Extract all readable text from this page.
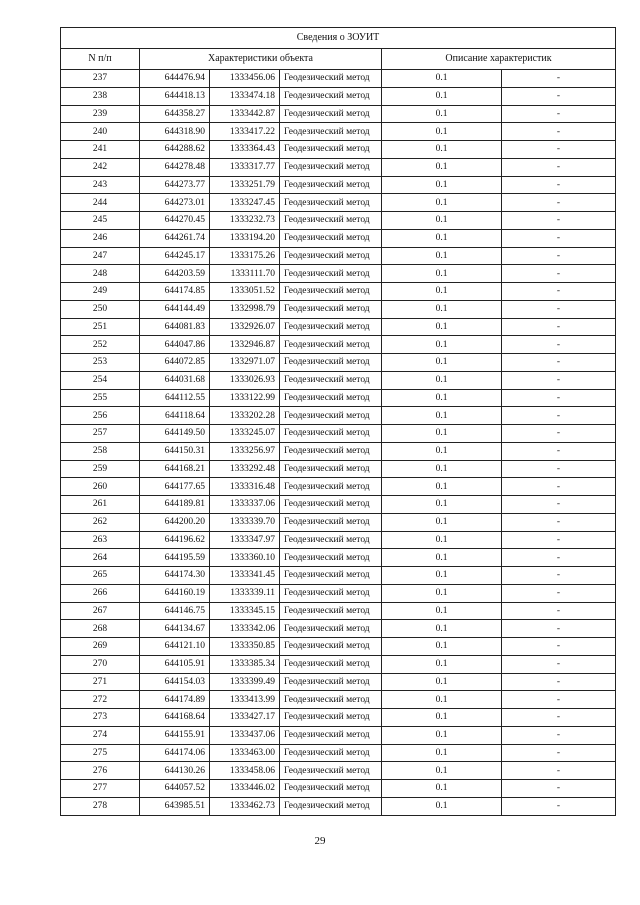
Сведения о ЗОУИТ					
N п/п	Характеристики объекта			Описание характеристик	
237	644476.94	1333456.06	Геодезический метод	0.1	-
238	644418.13	1333474.18	Геодезический метод	0.1	-
239	644358.27	1333442.87	Геодезический метод	0.1	-
240	644318.90	1333417.22	Геодезический метод	0.1	-
241	644288.62	1333364.43	Геодезический метод	0.1	-
242	644278.48	1333317.77	Геодезический метод	0.1	-
243	644273.77	1333251.79	Геодезический метод	0.1	-
244	644273.01	1333247.45	Геодезический метод	0.1	-
245	644270.45	1333232.73	Геодезический метод	0.1	-
246	644261.74	1333194.20	Геодезический метод	0.1	-
247	644245.17	1333175.26	Геодезический метод	0.1	-
248	644203.59	1333111.70	Геодезический метод	0.1	-
249	644174.85	1333051.52	Геодезический метод	0.1	-
250	644144.49	1332998.79	Геодезический метод	0.1	-
251	644081.83	1332926.07	Геодезический метод	0.1	-
252	644047.86	1332946.87	Геодезический метод	0.1	-
253	644072.85	1332971.07	Геодезический метод	0.1	-
254	644031.68	1333026.93	Геодезический метод	0.1	-
255	644112.55	1333122.99	Геодезический метод	0.1	-
256	644118.64	1333202.28	Геодезический метод	0.1	-
257	644149.50	1333245.07	Геодезический метод	0.1	-
258	644150.31	1333256.97	Геодезический метод	0.1	-
259	644168.21	1333292.48	Геодезический метод	0.1	-
260	644177.65	1333316.48	Геодезический метод	0.1	-
261	644189.81	1333337.06	Геодезический метод	0.1	-
262	644200.20	1333339.70	Геодезический метод	0.1	-
263	644196.62	1333347.97	Геодезический метод	0.1	-
264	644195.59	1333360.10	Геодезический метод	0.1	-
265	644174.30	1333341.45	Геодезический метод	0.1	-
266	644160.19	1333339.11	Геодезический метод	0.1	-
267	644146.75	1333345.15	Геодезический метод	0.1	-
268	644134.67	1333342.06	Геодезический метод	0.1	-
269	644121.10	1333350.85	Геодезический метод	0.1	-
270	644105.91	1333385.34	Геодезический метод	0.1	-
271	644154.03	1333399.49	Геодезический метод	0.1	-
272	644174.89	1333413.99	Геодезический метод	0.1	-
273	644168.64	1333427.17	Геодезический метод	0.1	-
274	644155.91	1333437.06	Геодезический метод	0.1	-
275	644174.06	1333463.00	Геодезический метод	0.1	-
276	644130.26	1333458.06	Геодезический метод	0.1	-
277	644057.52	1333446.02	Геодезический метод	0.1	-
278	643985.51	1333462.73	Геодезический метод	0.1	-
29
